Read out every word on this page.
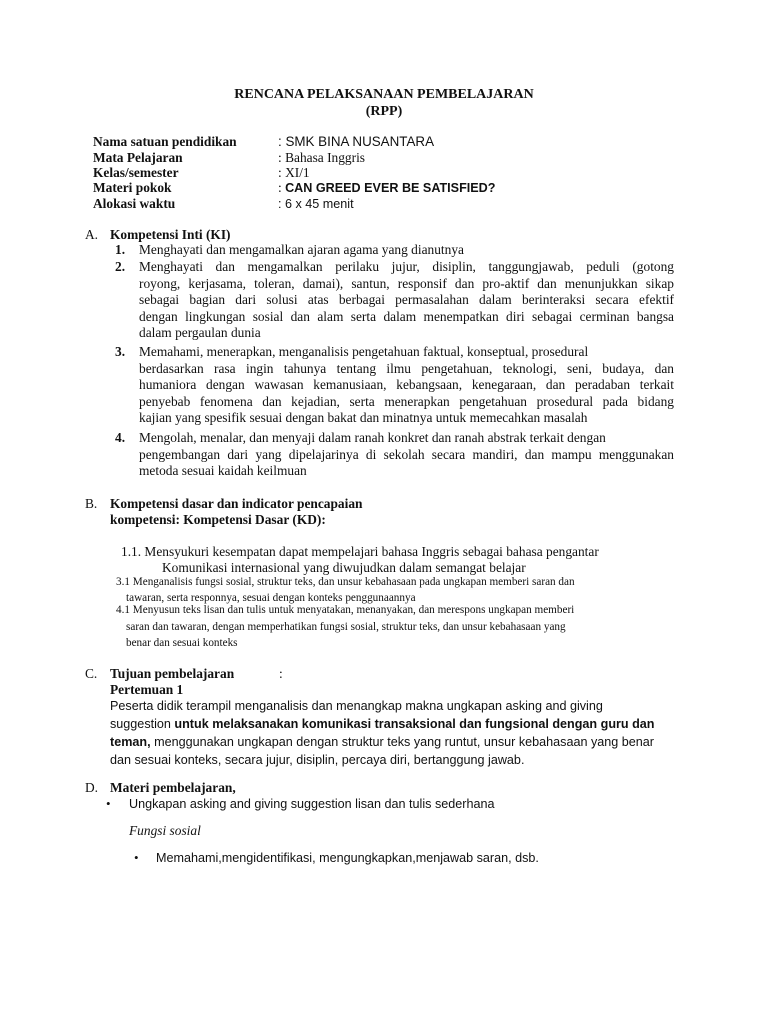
RENCANA PELAKSANAAN PEMBELAJARAN
(RPP)
Nama satuan pendidikan	: SMK BINA NUSANTARA
Mata Pelajaran	: Bahasa Inggris
Kelas/semester	: XI/1
Materi pokok	: CAN GREED EVER BE SATISFIED?
Alokasi waktu	: 6 x 45 menit
A. Kompetensi Inti (KI)
1. Menghayati dan mengamalkan ajaran agama yang dianutnya
2. Menghayati dan mengamalkan perilaku jujur, disiplin, tanggungjawab, peduli (gotong
royong, kerjasama, toleran, damai), santun, responsif dan pro-aktif dan menunjukkan sikap
sebagai bagian dari solusi atas berbagai permasalahan dalam berinteraksi secara efektif
dengan lingkungan sosial dan alam serta dalam menempatkan diri sebagai cerminan bangsa
dalam pergaulan dunia
3. Memahami, menerapkan, menganalisis pengetahuan faktual, konseptual, prosedural
berdasarkan rasa ingin tahunya tentang ilmu pengetahuan, teknologi, seni, budaya, dan
humaniora dengan wawasan kemanusiaan, kebangsaan, kenegaraan, dan peradaban terkait
penyebab fenomena dan kejadian, serta menerapkan pengetahuan prosedural pada bidang
kajian yang spesifik sesuai dengan bakat dan minatnya untuk memecahkan masalah
4. Mengolah, menalar, dan menyaji dalam ranah konkret dan ranah abstrak terkait dengan
pengembangan dari yang dipelajarinya di sekolah secara mandiri, dan mampu menggunakan
metoda sesuai kaidah keilmuan
B. Kompetensi dasar dan indicator pencapaian
kompetensi: Kompetensi Dasar (KD):
1.1. Mensyukuri kesempatan dapat mempelajari bahasa Inggris sebagai bahasa pengantar
Komunikasi internasional yang diwujudkan dalam semangat belajar
3.1 Menganalisis fungsi sosial, struktur teks, dan unsur kebahasaan pada ungkapan memberi saran dan
tawaran, serta responnya, sesuai dengan konteks penggunaannya
4.1 Menyusun teks lisan dan tulis untuk menyatakan, menanyakan, dan merespons ungkapan memberi
saran dan tawaran, dengan memperhatikan fungsi sosial, struktur teks, dan unsur kebahasaan yang
benar dan sesuai konteks
C. Tujuan pembelajaran	:
Pertemuan 1
Peserta didik terampil menganalisis dan menangkap makna ungkapan asking and giving
suggestion untuk melaksanakan komunikasi transaksional dan fungsional dengan guru dan
teman, menggunakan ungkapan dengan struktur teks yang runtut, unsur kebahasaan yang benar
dan sesuai konteks, secara jujur, disiplin, percaya diri, bertanggung jawab.
D. Materi pembelajaran,
• Ungkapan asking and giving suggestion lisan dan tulis sederhana
Fungsi sosial
• Memahami,mengidentifikasi, mengungkapkan,menjawab saran, dsb.
